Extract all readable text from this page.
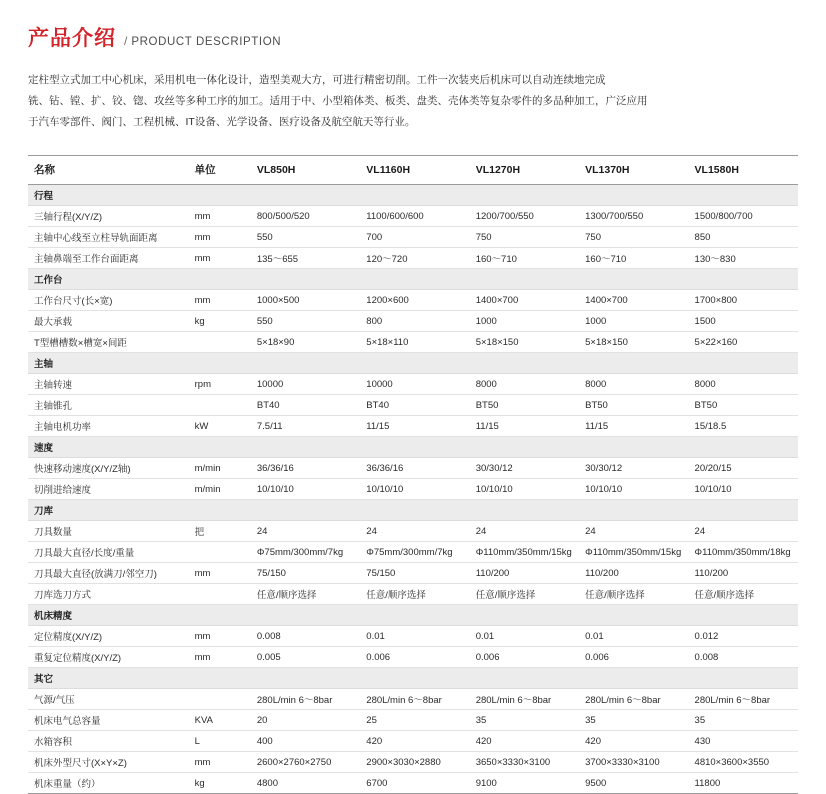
产品介绍 / PRODUCT DESCRIPTION

定柱型立式加工中心机床，采用机电一体化设计，造型美观大方，可进行精密切削。工件一次装夹后机床可以自动连续地完成

铣、钻、镗、扩、铰、锪、攻丝等多种工序的加工。适用于中、小型箱体类、板类、盘类、壳体类等复杂零件的多品种加工，广泛应用

于汽车零部件、阀门、工程机械、IT设备、光学设备、医疗设备及航空航天等行业。

名称	单位	VL850H	VL1160H	VL1270H	VL1370H	VL1580H
行程						
三轴行程(X/Y/Z)	mm	800/500/520	1100/600/600	1200/700/550	1300/700/550	1500/800/700
主轴中心线至立柱导轨面距离	mm	550	700	750	750	850
主轴鼻端至工作台面距离	mm	135～655	120～720	160～710	160～710	130～830
工作台						
工作台尺寸(长×宽)	mm	1000×500	1200×600	1400×700	1400×700	1700×800
最大承载	kg	550	800	1000	1000	1500
T型槽槽数×槽宽×间距		5×18×90	5×18×110	5×18×150	5×18×150	5×22×160
主轴						
主轴转速	rpm	10000	10000	8000	8000	8000
主轴锥孔		BT40	BT40	BT50	BT50	BT50
主轴电机功率	kW	7.5/11	11/15	11/15	11/15	15/18.5
速度						
快速移动速度(X/Y/Z轴)	m/min	36/36/16	36/36/16	30/30/12	30/30/12	20/20/15
切削进给速度	m/min	10/10/10	10/10/10	10/10/10	10/10/10	10/10/10
刀库						
刀具数量	把	24	24	24	24	24
刀具最大直径/长度/重量		Φ75mm/300mm/7kg	Φ75mm/300mm/7kg	Φ110mm/350mm/15kg	Φ110mm/350mm/15kg	Φ110mm/350mm/18kg
刀具最大直径(放满刀/邻空刀)	mm	75/150	75/150	110/200	110/200	110/200
刀库选刀方式		任意/顺序选择	任意/顺序选择	任意/顺序选择	任意/顺序选择	任意/顺序选择
机床精度						
定位精度(X/Y/Z)	mm	0.008	0.01	0.01	0.01	0.012
重复定位精度(X/Y/Z)	mm	0.005	0.006	0.006	0.006	0.008
其它						
气源/气压		280L/min 6～8bar	280L/min 6～8bar	280L/min 6～8bar	280L/min 6～8bar	280L/min 6～8bar
机床电气总容量	KVA	20	25	35	35	35
水箱容积	L	400	420	420	420	430
机床外型尺寸(X×Y×Z)	mm	2600×2760×2750	2900×3030×2880	3650×3330×3100	3700×3330×3100	4810×3600×3550
机床重量（约）	kg	4800	6700	9100	9500	11800
